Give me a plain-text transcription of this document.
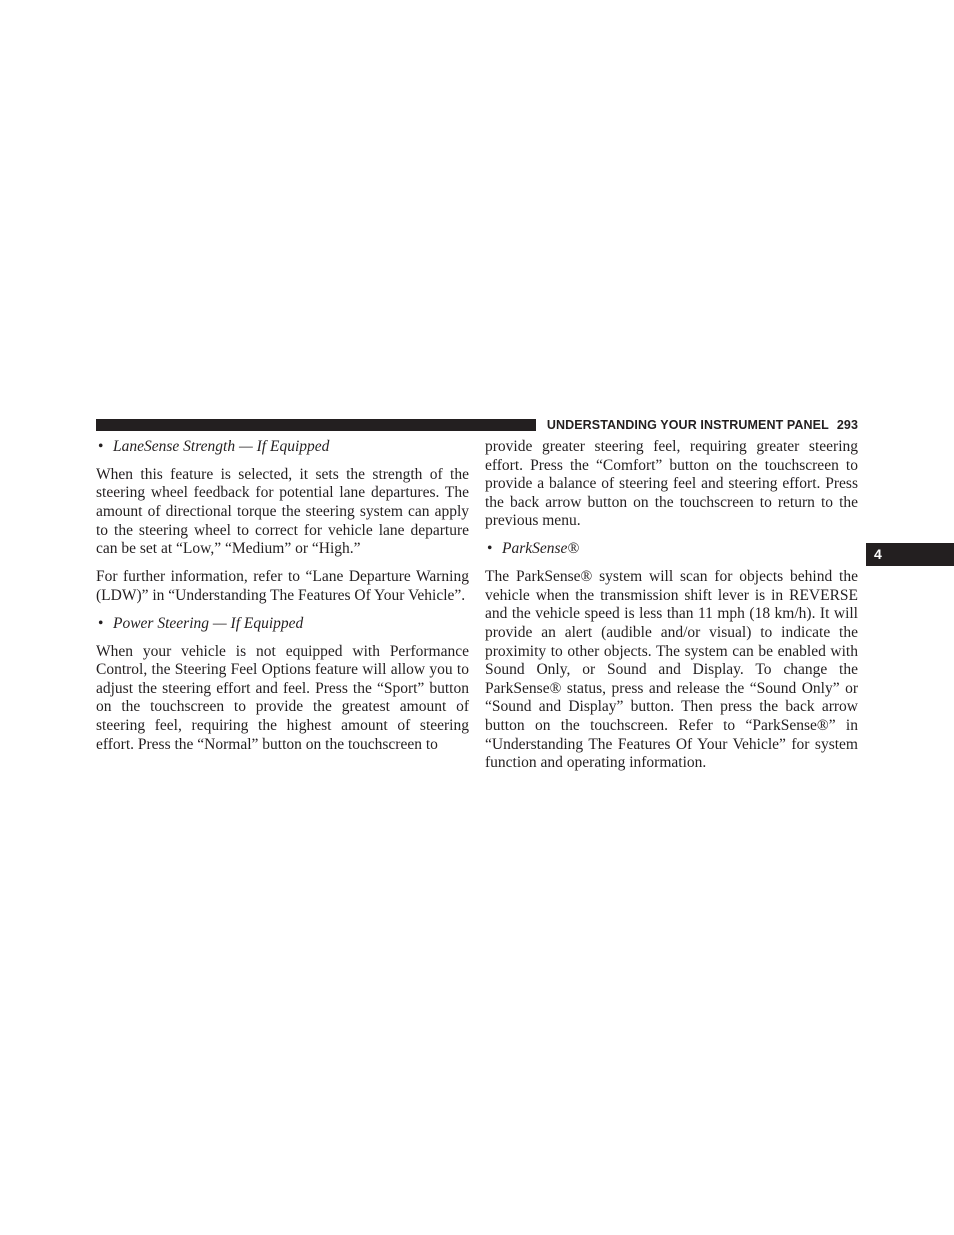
UNDERSTANDING YOUR INSTRUMENT PANEL 293
4
• LaneSense Strength — If Equipped

When this feature is selected, it sets the strength of the steering wheel feedback for potential lane departures. The amount of directional torque the steering system can apply to the steering wheel to correct for vehicle lane departure can be set at “Low,” “Medium” or “High.”

For further information, refer to “Lane Departure Warning (LDW)” in “Understanding The Features Of Your Vehicle”.

• Power Steering — If Equipped

When your vehicle is not equipped with Performance Control, the Steering Feel Options feature will allow you to adjust the steering effort and feel. Press the “Sport” button on the touchscreen to provide the greatest amount of steering feel, requiring the highest amount of steering effort. Press the “Normal” button on the touchscreen to

provide greater steering feel, requiring greater steering effort. Press the “Comfort” button on the touchscreen to provide a balance of steering feel and steering effort. Press the back arrow button on the touchscreen to return to the previous menu.

• ParkSense®

The ParkSense® system will scan for objects behind the vehicle when the transmission shift lever is in REVERSE and the vehicle speed is less than 11 mph (18 km/h). It will provide an alert (audible and/or visual) to indicate the proximity to other objects. The system can be enabled with Sound Only, or Sound and Display. To change the ParkSense® status, press and release the “Sound Only” or “Sound and Display” button. Then press the back arrow button on the touchscreen. Refer to “ParkSense®” in “Understanding The Features Of Your Vehicle” for system function and operating information.
